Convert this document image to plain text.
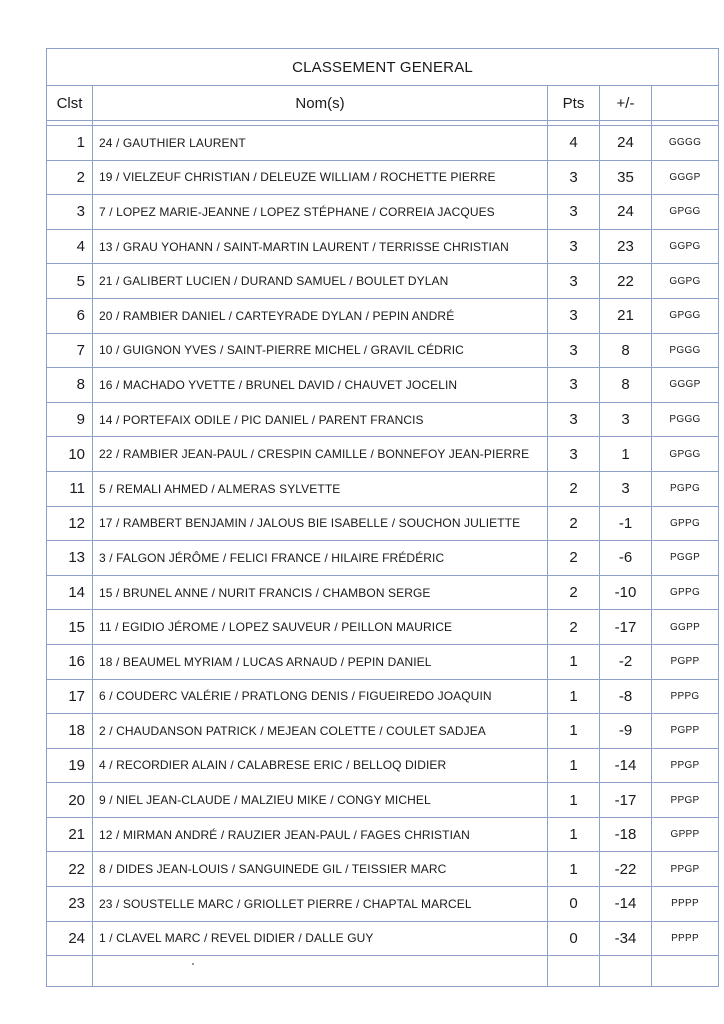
CLASSEMENT GENERAL				
Clst	Nom(s)	Pts	+/-	

1	24 / GAUTHIER LAURENT	4	24	GGGG
2	19 / VIELZEUF CHRISTIAN / DELEUZE WILLIAM / ROCHETTE PIERRE	3	35	GGGP
3	7 / LOPEZ MARIE-JEANNE / LOPEZ STÉPHANE / CORREIA JACQUES	3	24	GPGG
4	13 / GRAU YOHANN / SAINT-MARTIN LAURENT / TERRISSE CHRISTIAN	3	23	GGPG
5	21 / GALIBERT LUCIEN / DURAND SAMUEL / BOULET DYLAN	3	22	GGPG
6	20 / RAMBIER DANIEL / CARTEYRADE DYLAN / PEPIN ANDRÉ	3	21	GPGG
7	10 / GUIGNON YVES / SAINT-PIERRE MICHEL / GRAVIL CÉDRIC	3	8	PGGG
8	16 / MACHADO YVETTE / BRUNEL DAVID / CHAUVET JOCELIN	3	8	GGGP
9	14 / PORTEFAIX ODILE / PIC DANIEL / PARENT FRANCIS	3	3	PGGG
10	22 / RAMBIER JEAN-PAUL / CRESPIN CAMILLE / BONNEFOY JEAN-PIERRE	3	1	GPGG
11	5 / REMALI AHMED / ALMERAS SYLVETTE	2	3	PGPG
12	17 / RAMBERT BENJAMIN / JALOUS BIE ISABELLE / SOUCHON JULIETTE	2	-1	GPPG
13	3 / FALGON JÉRÔME / FELICI FRANCE / HILAIRE FRÉDÉRIC	2	-6	PGGP
14	15 / BRUNEL ANNE / NURIT FRANCIS / CHAMBON SERGE	2	-10	GPPG
15	11 / EGIDIO JÉROME / LOPEZ SAUVEUR / PEILLON MAURICE	2	-17	GGPP
16	18 / BEAUMEL MYRIAM / LUCAS ARNAUD / PEPIN DANIEL	1	-2	PGPP
17	6 / COUDERC VALÉRIE / PRATLONG DENIS / FIGUEIREDO JOAQUIN	1	-8	PPPG
18	2 / CHAUDANSON PATRICK / MEJEAN COLETTE / COULET SADJEA	1	-9	PGPP
19	4 / RECORDIER ALAIN / CALABRESE ERIC / BELLOQ DIDIER	1	-14	PPGP
20	9 / NIEL JEAN-CLAUDE / MALZIEU MIKE / CONGY MICHEL	1	-17	PPGP
21	12 / MIRMAN ANDRÉ / RAUZIER JEAN-PAUL / FAGES CHRISTIAN	1	-18	GPPP
22	8 / DIDES JEAN-LOUIS / SANGUINEDE GIL / TEISSIER MARC	1	-22	PPGP
23	23 / SOUSTELLE MARC / GRIOLLET PIERRE / CHAPTAL MARCEL	0	-14	PPPP
24	1 / CLAVEL MARC / REVEL DIDIER / DALLE GUY	0	-34	PPPP
